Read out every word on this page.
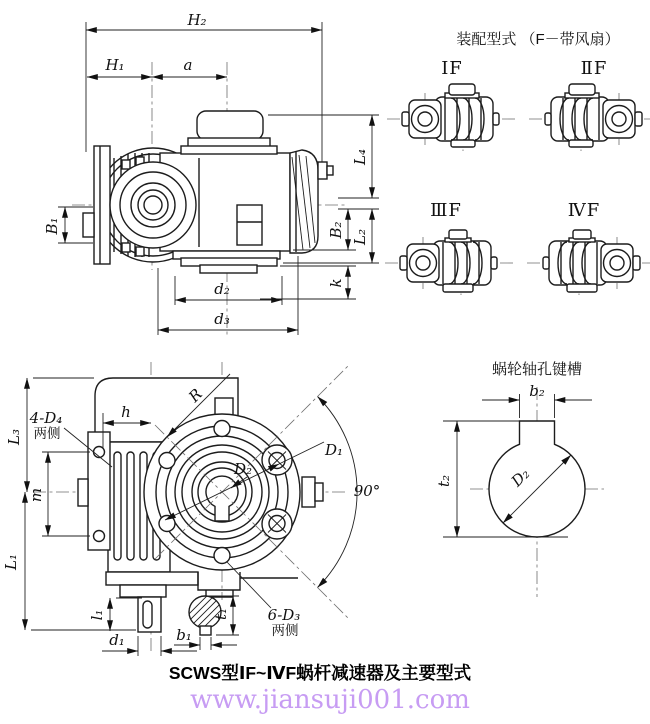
H₂
H₁	a
L₄
L₂
B₂
k
B₁
d₂
d₃
装配型式 （F－带风扇）
ⅠF	ⅡF
ⅢF	ⅣF
L₃
m
L₁
h
R
D₁
D₂
90°
4-D₄
两侧
6-D₃
两侧
l₁
d₁	b₁
t₁
蜗轮轴孔键槽
b₂
t₂	D₂
SCWS型ⅠF~ⅣF蜗杆减速器及主要型式
www.jiansuji001.com
